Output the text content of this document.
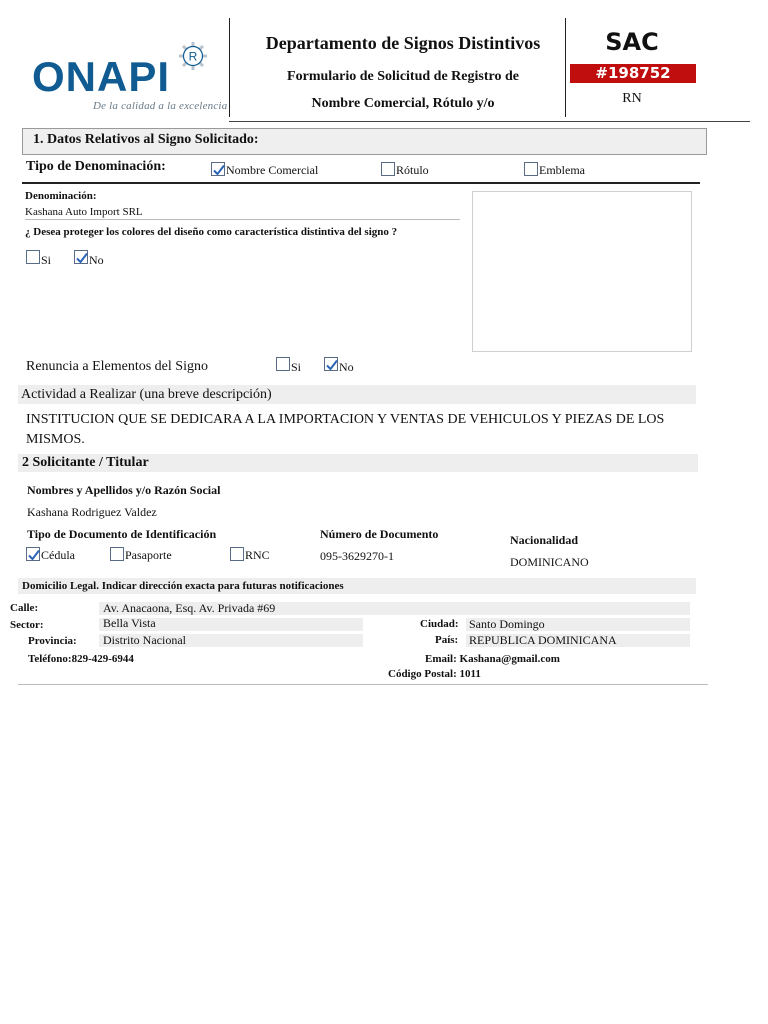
ONAPI R
De la calidad a la excelencia
Departamento de Signos Distintivos
Formulario de Solicitud de Registro de
Nombre Comercial, Rótulo y/o
SAC
#198752
RN
1. Datos Relativos al Signo Solicitado:
Tipo de Denominación:	Nombre Comercial	Rótulo	Emblema
Denominación:
Kashana Auto Import SRL
¿ Desea proteger los colores del diseño como característica distintiva del signo ?
Si	No
Renuncia a Elementos del Signo	Si	No
Actividad a Realizar (una breve descripción)
INSTITUCION QUE SE DEDICARA A LA IMPORTACION Y VENTAS DE VEHICULOS Y PIEZAS DE LOS MISMOS.
2 Solicitante / Titular
Nombres y Apellidos y/o Razón Social
Kashana Rodriguez Valdez
Tipo de Documento de Identificación
Cédula	Pasaporte	RNC
Número de Documento
095-3629270-1
Nacionalidad
DOMINICANO
Domicilio Legal. Indicar dirección exacta para futuras notificaciones
Calle:	Av. Anacaona, Esq. Av. Privada #69
Sector:	Bella Vista	Ciudad: Santo Domingo
Provincia: Distrito Nacional	País: REPUBLICA DOMINICANA
Teléfono:829-429-6944	Email: Kashana@gmail.com
Código Postal: 1011
